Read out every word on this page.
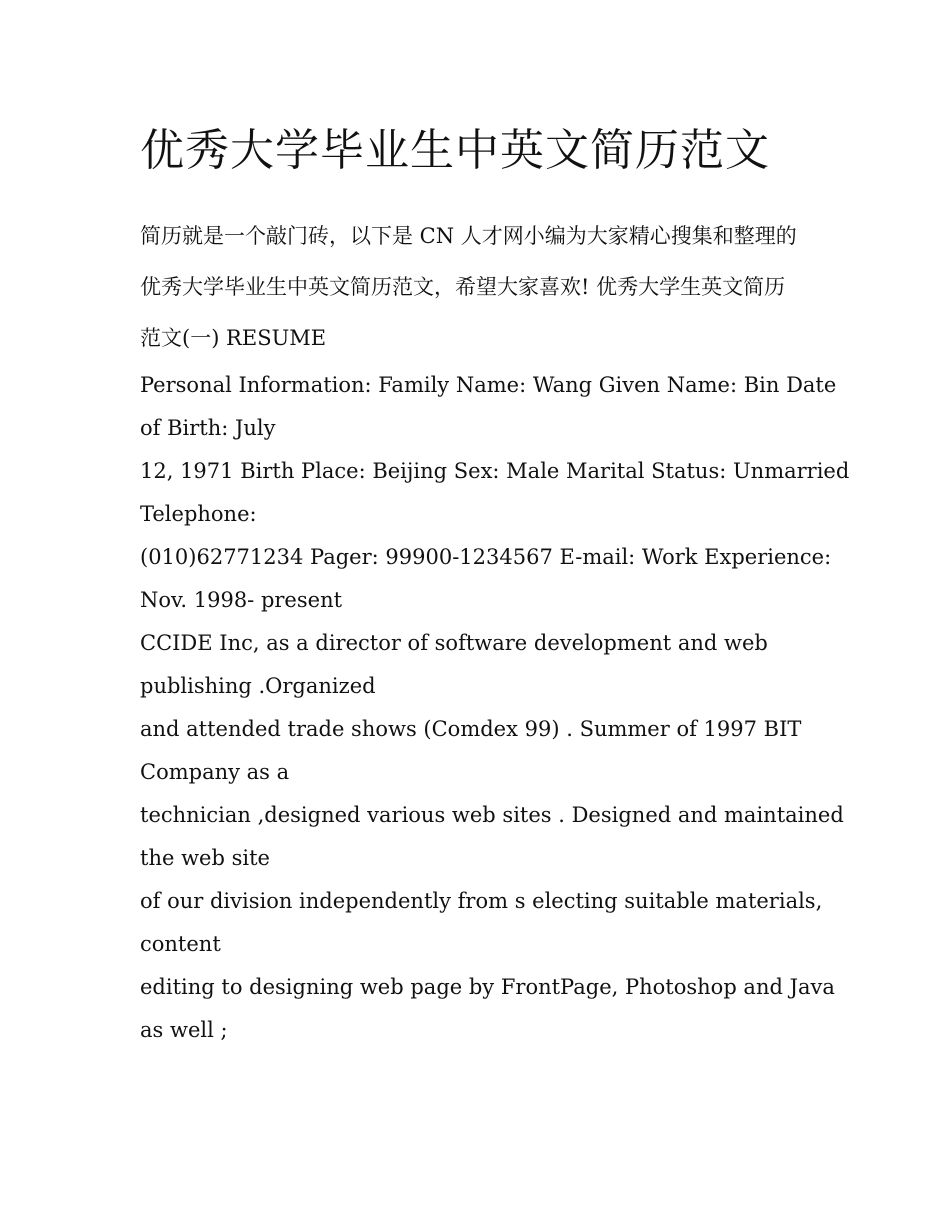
优秀大学毕业生中英文简历范文

简历就是一个敲门砖，以下是 CN 人才网小编为大家精心搜集和整理的优秀大学毕业生中英文简历范文，希望大家喜欢! 优秀大学生英文简历范文(一) RESUME

Personal Information: Family Name: Wang Given Name: Bin Date

of Birth: July

12, 1971 Birth Place: Beijing Sex: Male Marital Status: Unmarried

Telephone:

(010)62771234 Pager: 99900-1234567 E-mail: Work Experience:

Nov. 1998- present

CCIDE Inc, as a director of software development and web

publishing .Organized

and attended trade shows (Comdex 99) . Summer of 1997 BIT

Company as a

technician ,designed various web sites . Designed and maintained

the web site

of our division independently from s electing suitable materials,

content

editing to designing web page by FrontPage, Photoshop and Java

as well ;
